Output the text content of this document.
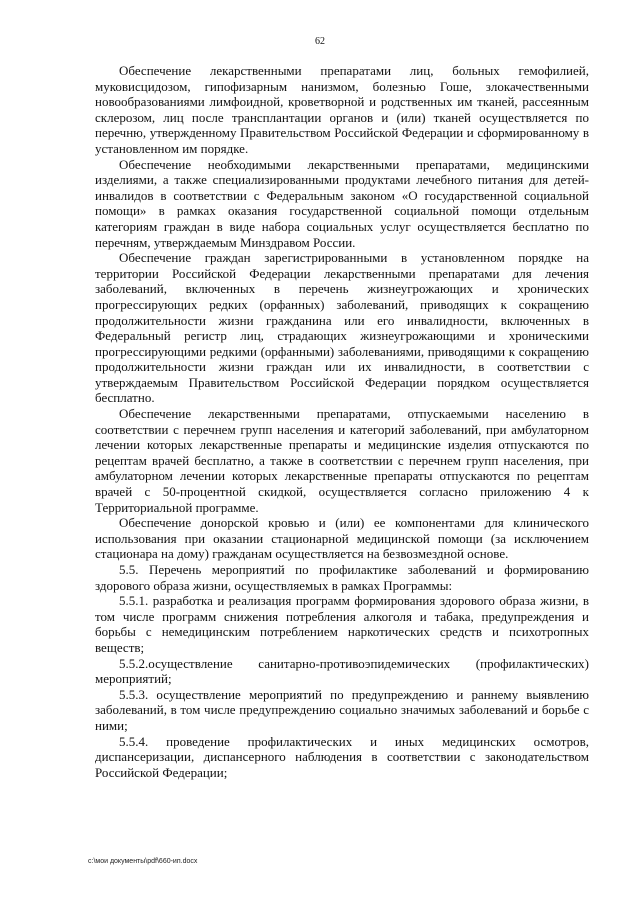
62

Обеспечение лекарственными препаратами лиц, больных гемофилией, муковисцидозом, гипофизарным нанизмом, болезнью Гоше, злокачественными новообразованиями лимфоидной, кроветворной и родственных им тканей, рассеянным склерозом, лиц после трансплантации органов и (или) тканей осуществляется по перечню, утвержденному Правительством Российской Федерации и сформированному в установленном им порядке.

Обеспечение необходимыми лекарственными препаратами, медицинскими изделиями, а также специализированными продуктами лечебного питания для детей-инвалидов в соответствии с Федеральным законом «О государственной социальной помощи» в рамках оказания государственной социальной помощи отдельным категориям граждан в виде набора социальных услуг осуществляется бесплатно по перечням, утверждаемым Минздравом России.

Обеспечение граждан зарегистрированными в установленном порядке на территории Российской Федерации лекарственными препаратами для лечения заболеваний, включенных в перечень жизнеугрожающих и хронических прогрессирующих редких (орфанных) заболеваний, приводящих к сокращению продолжительности жизни гражданина или его инвалидности, включенных в Федеральный регистр лиц, страдающих жизнеугрожающими и хроническими прогрессирующими редкими (орфанными) заболеваниями, приводящими к сокращению продолжительности жизни граждан или их инвалидности, в соответствии с утверждаемым Правительством Российской Федерации порядком осуществляется бесплатно.

Обеспечение лекарственными препаратами, отпускаемыми населению в соответствии с перечнем групп населения и категорий заболеваний, при амбулаторном лечении которых лекарственные препараты и медицинские изделия отпускаются по рецептам врачей бесплатно, а также в соответствии с перечнем групп населения, при амбулаторном лечении которых лекарственные препараты отпускаются по рецептам врачей с 50-процентной скидкой, осуществляется согласно приложению 4 к Территориальной программе.

Обеспечение донорской кровью и (или) ее компонентами для клинического использования при оказании стационарной медицинской помощи (за исключением стационара на дому) гражданам осуществляется на безвозмездной основе.

5.5. Перечень мероприятий по профилактике заболеваний и формированию здорового образа жизни, осуществляемых в рамках Программы:

5.5.1. разработка и реализация программ формирования здорового образа жизни, в том числе программ снижения потребления алкоголя и табака, предупреждения и борьбы с немедицинским потреблением наркотических средств и психотропных веществ;

5.5.2.осуществление санитарно-противоэпидемических (профилактических) мероприятий;

5.5.3. осуществление мероприятий по предупреждению и раннему выявлению заболеваний, в том числе предупреждению социально значимых заболеваний и борьбе с ними;

5.5.4. проведение профилактических и иных медицинских осмотров, диспансеризации, диспансерного наблюдения в соответствии с законодательством Российской Федерации;

c:\мои документы\pdf\660-ип.docx
